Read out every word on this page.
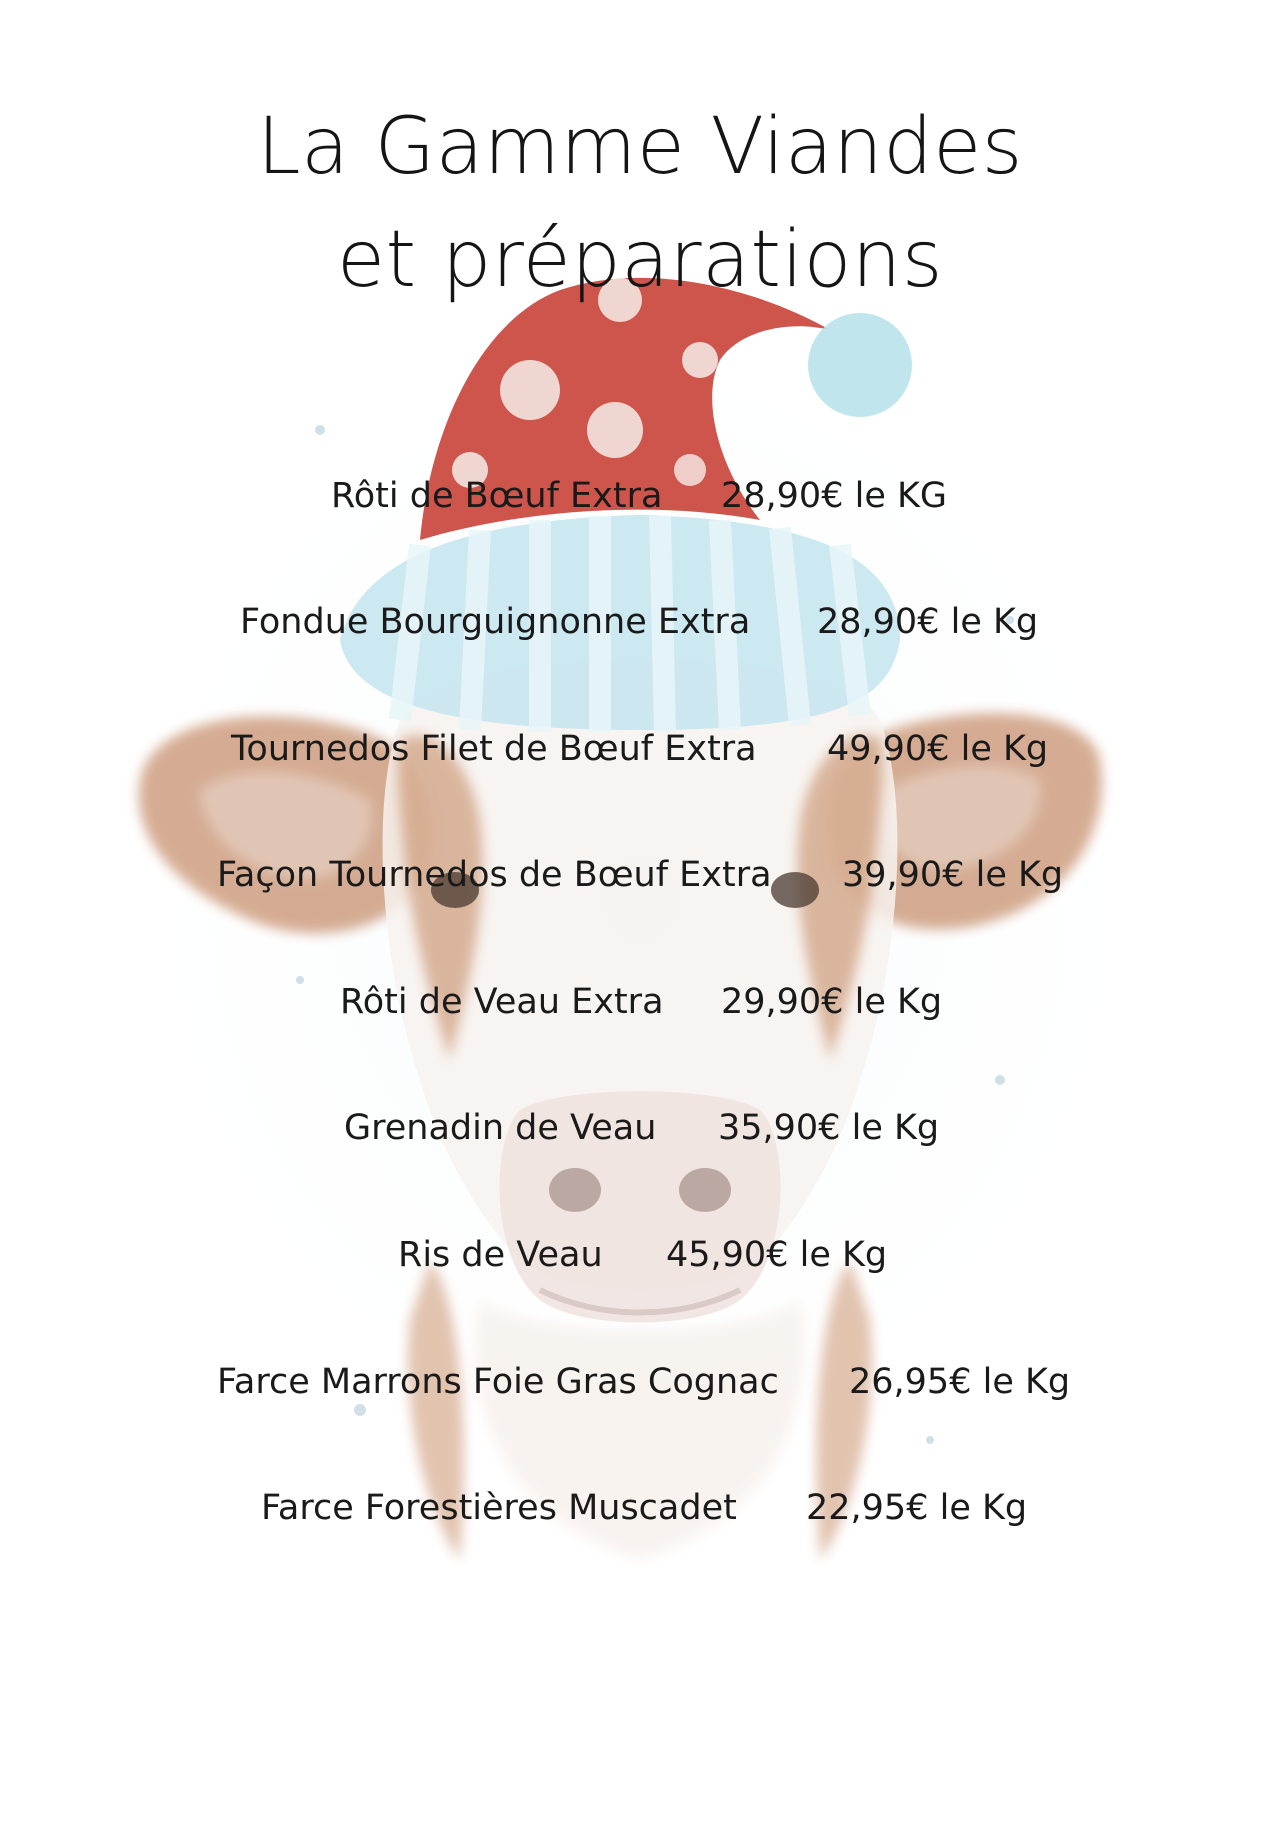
La Gamme Viandes
et préparations
Rôti de Bœuf Extra 28,90€ le KG
Fondue Bourguignonne Extra 28,90€ le Kg
Tournedos Filet de Bœuf Extra 49,90€ le Kg
Façon Tournedos de Bœuf Extra 39,90€ le Kg
Rôti de Veau Extra 29,90€ le Kg
Grenadin de Veau 35,90€ le Kg
Ris de Veau 45,90€ le Kg
Farce Marrons Foie Gras Cognac 26,95€ le Kg
Farce Forestières Muscadet 22,95€ le Kg
